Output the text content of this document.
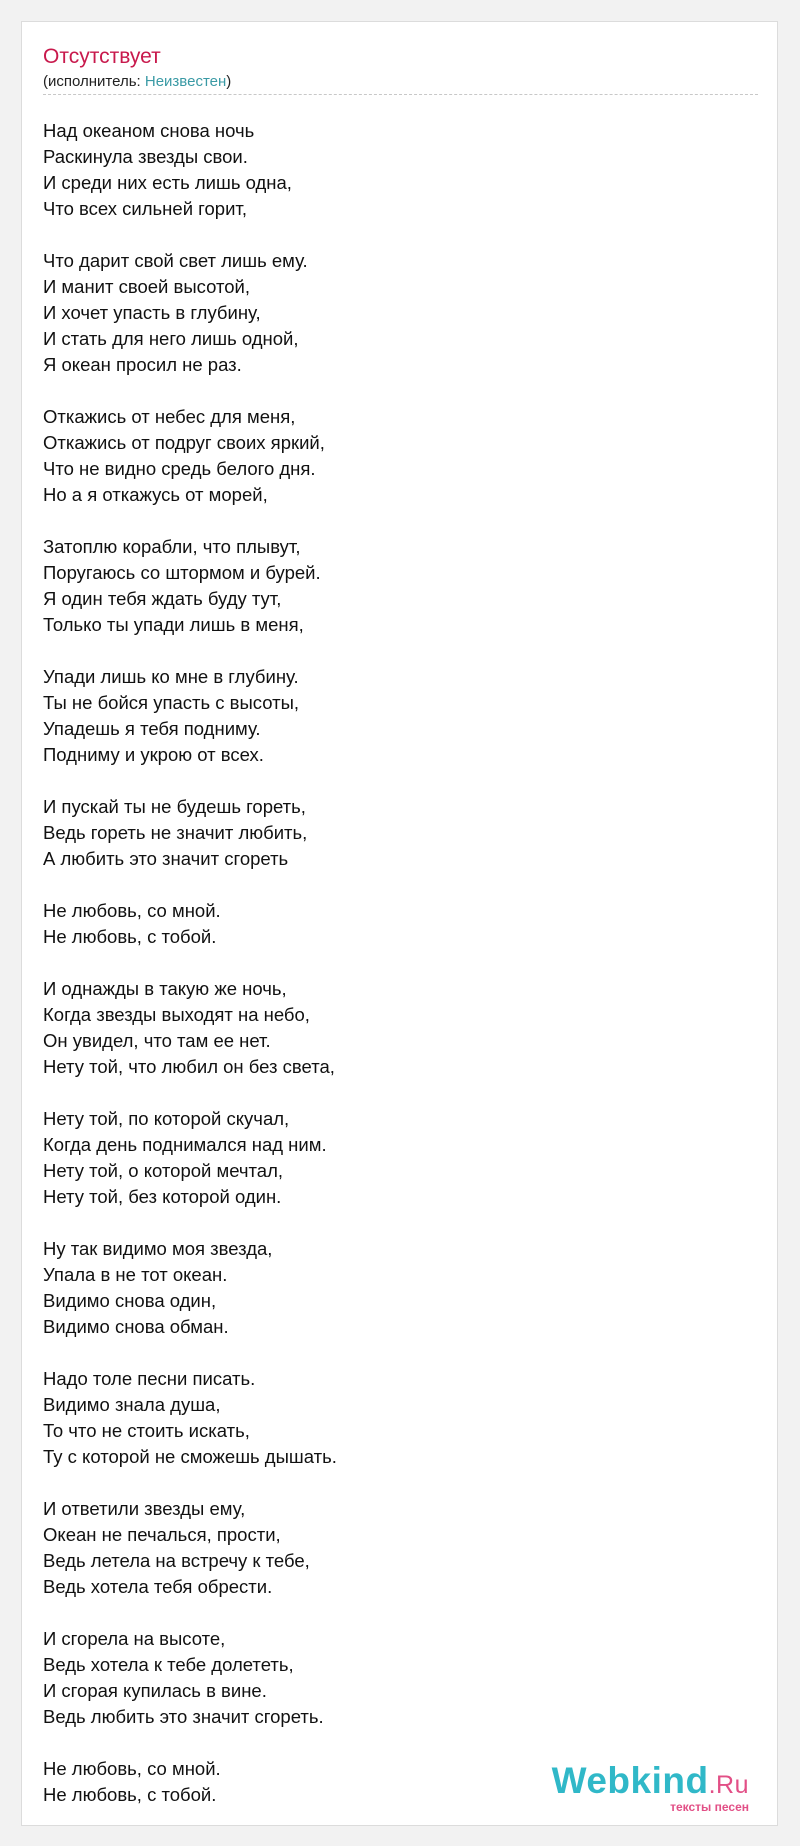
Отсутствует
(исполнитель: Неизвестен)
Над океаном снова ночь
Раскинула звезды свои.
И среди них есть лишь одна,
Что всех сильней горит,
Что дарит свой свет лишь ему.
И манит своей высотой,
И хочет упасть в глубину,
И стать для него лишь одной,
Я океан просил не раз.
Откажись от небес для меня,
Откажись от подруг своих яркий,
Что не видно средь белого дня.
Но а я откажусь от морей,
Затоплю корабли, что плывут,
Поругаюсь со штормом и бурей.
Я один тебя ждать буду тут,
Только ты упади лишь в меня,
Упади лишь ко мне в глубину.
Ты не бойся упасть с высоты,
Упадешь я тебя подниму.
Подниму и укрою от всех.
И пускай ты не будешь гореть,
Ведь гореть не значит любить,
А любить это значит сгореть
Не любовь, со мной.
Не любовь, с тобой.
И однажды в такую же ночь,
Когда звезды выходят на небо,
Он увидел, что там ее нет.
Нету той, что любил он без света,
Нету той, по которой скучал,
Когда день поднимался над ним.
Нету той, о которой мечтал,
Нету той, без которой один.
Ну так видимо моя звезда,
Упала в не тот океан.
Видимо снова один,
Видимо снова обман.
Надо толе песни писать.
Видимо знала душа,
То что не стоить искать,
Ту с которой не сможешь дышать.
И ответили звезды ему,
Океан не печалься, прости,
Ведь летела на встречу к тебе,
Ведь хотела тебя обрести.
И сгорела на высоте,
Ведь хотела к тебе долететь,
И сгорая купилась в вине.
Ведь любить это значит сгореть.
Не любовь, со мной.
Не любовь, с тобой.	Webkind.Ru
тексты песен
